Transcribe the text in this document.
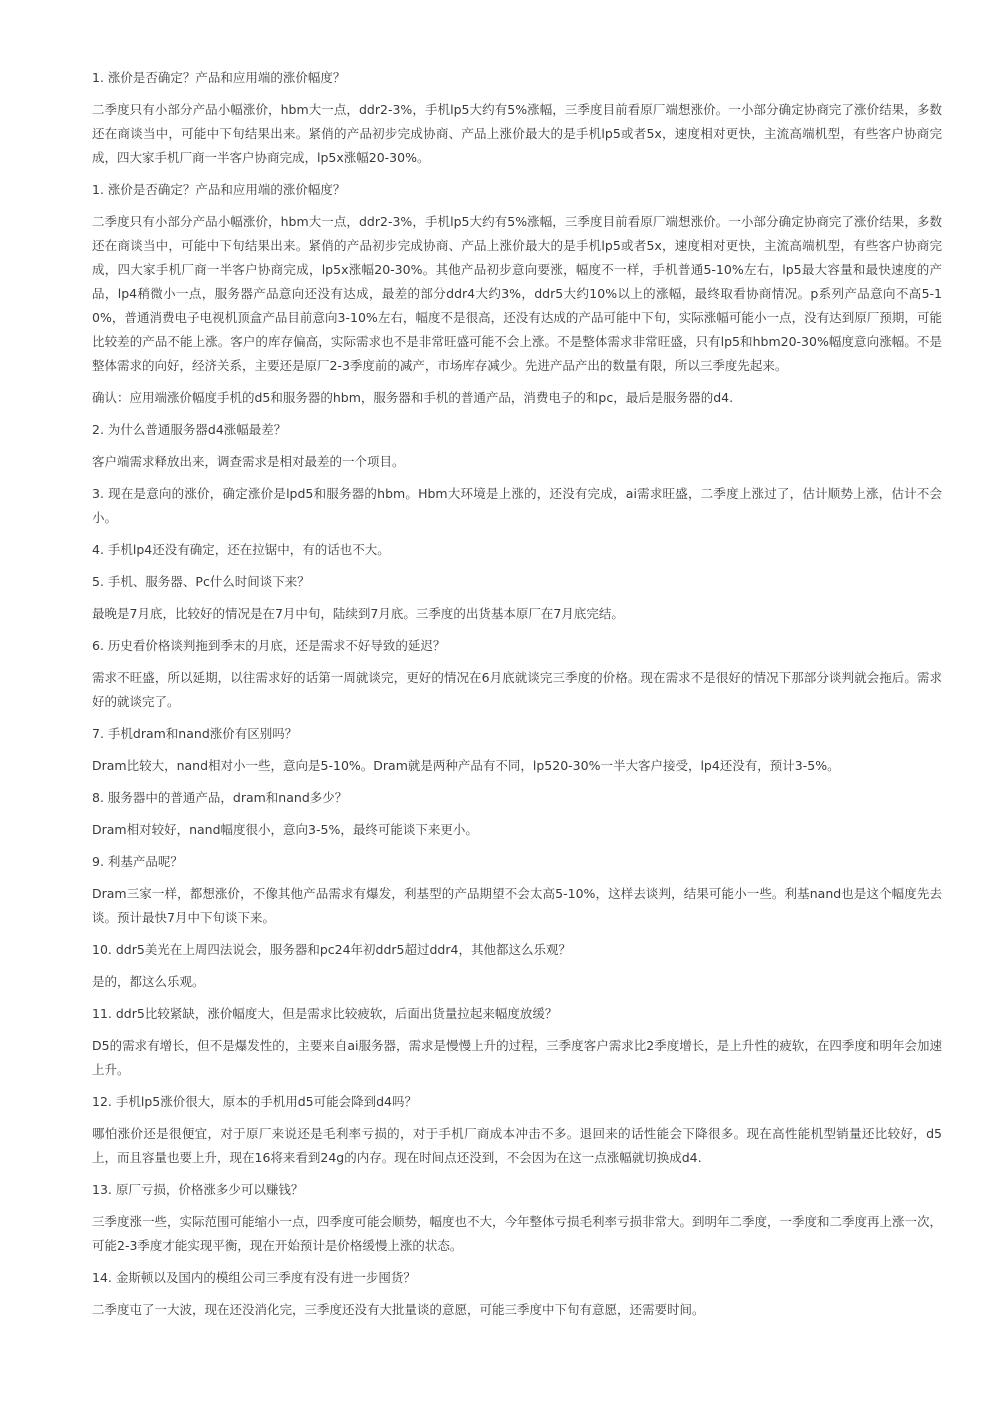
1. 涨价是否确定？产品和应用端的涨价幅度？

二季度只有小部分产品小幅涨价，hbm大一点，ddr2-3%，手机lp5大约有5%涨幅，三季度目前看原厂端想涨价。一小部分确定协商完了涨价结果，多数还在商谈当中，可能中下旬结果出来。紧俏的产品初步完成协商、产品上涨价最大的是手机lp5或者5x，速度相对更快，主流高端机型，有些客户协商完成，四大家手机厂商一半客户协商完成，lp5x涨幅20-30%。

1. 涨价是否确定？产品和应用端的涨价幅度？

二季度只有小部分产品小幅涨价，hbm大一点，ddr2-3%，手机lp5大约有5%涨幅，三季度目前看原厂端想涨价。一小部分确定协商完了涨价结果，多数还在商谈当中，可能中下旬结果出来。紧俏的产品初步完成协商、产品上涨价最大的是手机lp5或者5x，速度相对更快，主流高端机型，有些客户协商完成，四大家手机厂商一半客户协商完成，lp5x涨幅20-30%。其他产品初步意向要涨，幅度不一样，手机普通5-10%左右，lp5最大容量和最快速度的产品，lp4稍微小一点，服务器产品意向还没有达成，最差的部分ddr4大约3%，ddr5大约10%以上的涨幅，最终取看协商情况。p系列产品意向不高5-10%，普通消费电子电视机顶盒产品目前意向3-10%左右，幅度不是很高，还没有达成的产品可能中下旬，实际涨幅可能小一点，没有达到原厂预期，可能比较差的产品不能上涨。客户的库存偏高，实际需求也不是非常旺盛可能不会上涨。不是整体需求非常旺盛，只有lp5和hbm20-30%幅度意向涨幅。不是整体需求的向好，经济关系，主要还是原厂2-3季度前的减产，市场库存减少。先进产品产出的数量有限，所以三季度先起来。

确认：应用端涨价幅度手机的d5和服务器的hbm，服务器和手机的普通产品，消费电子的和pc，最后是服务器的d4.

2. 为什么普通服务器d4涨幅最差？

客户端需求释放出来，调查需求是相对最差的一个项目。

3. 现在是意向的涨价，确定涨价是lpd5和服务器的hbm。Hbm大环境是上涨的，还没有完成，ai需求旺盛，二季度上涨过了，估计顺势上涨，估计不会小。

4. 手机lp4还没有确定，还在拉锯中，有的话也不大。

5. 手机、服务器、Pc什么时间谈下来？

最晚是7月底，比较好的情况是在7月中旬，陆续到7月底。三季度的出货基本原厂在7月底完结。

6. 历史看价格谈判拖到季末的月底，还是需求不好导致的延迟？

需求不旺盛，所以延期，以往需求好的话第一周就谈完，更好的情况在6月底就谈完三季度的价格。现在需求不是很好的情况下那部分谈判就会拖后。需求好的就谈完了。

7. 手机dram和nand涨价有区别吗？

Dram比较大，nand相对小一些，意向是5-10%。Dram就是两种产品有不同，lp520-30%一半大客户接受，lp4还没有，预计3-5%。

8. 服务器中的普通产品，dram和nand多少？

Dram相对较好，nand幅度很小，意向3-5%，最终可能谈下来更小。

9. 利基产品呢？

Dram三家一样，都想涨价，不像其他产品需求有爆发，利基型的产品期望不会太高5-10%，这样去谈判，结果可能小一些。利基nand也是这个幅度先去谈。预计最快7月中下旬谈下来。

10. ddr5美光在上周四法说会，服务器和pc24年初ddr5超过ddr4，其他都这么乐观？

是的，都这么乐观。

11. ddr5比较紧缺，涨价幅度大，但是需求比较疲软，后面出货量拉起来幅度放缓？

D5的需求有增长，但不是爆发性的，主要来自ai服务器，需求是慢慢上升的过程，三季度客户需求比2季度增长，是上升性的疲软，在四季度和明年会加速上升。

12. 手机lp5涨价很大，原本的手机用d5可能会降到d4吗？

哪怕涨价还是很便宜，对于原厂来说还是毛利率亏损的，对于手机厂商成本冲击不多。退回来的话性能会下降很多。现在高性能机型销量还比较好，d5上，而且容量也要上升，现在16将来看到24g的内存。现在时间点还没到，不会因为在这一点涨幅就切换成d4.

13. 原厂亏损，价格涨多少可以赚钱？

三季度涨一些，实际范围可能缩小一点，四季度可能会顺势，幅度也不大，今年整体亏损毛利率亏损非常大。到明年二季度，一季度和二季度再上涨一次，可能2-3季度才能实现平衡，现在开始预计是价格缓慢上涨的状态。

14. 金斯顿以及国内的模组公司三季度有没有进一步囤货？

二季度屯了一大波，现在还没消化完，三季度还没有大批量谈的意愿，可能三季度中下旬有意愿，还需要时间。
